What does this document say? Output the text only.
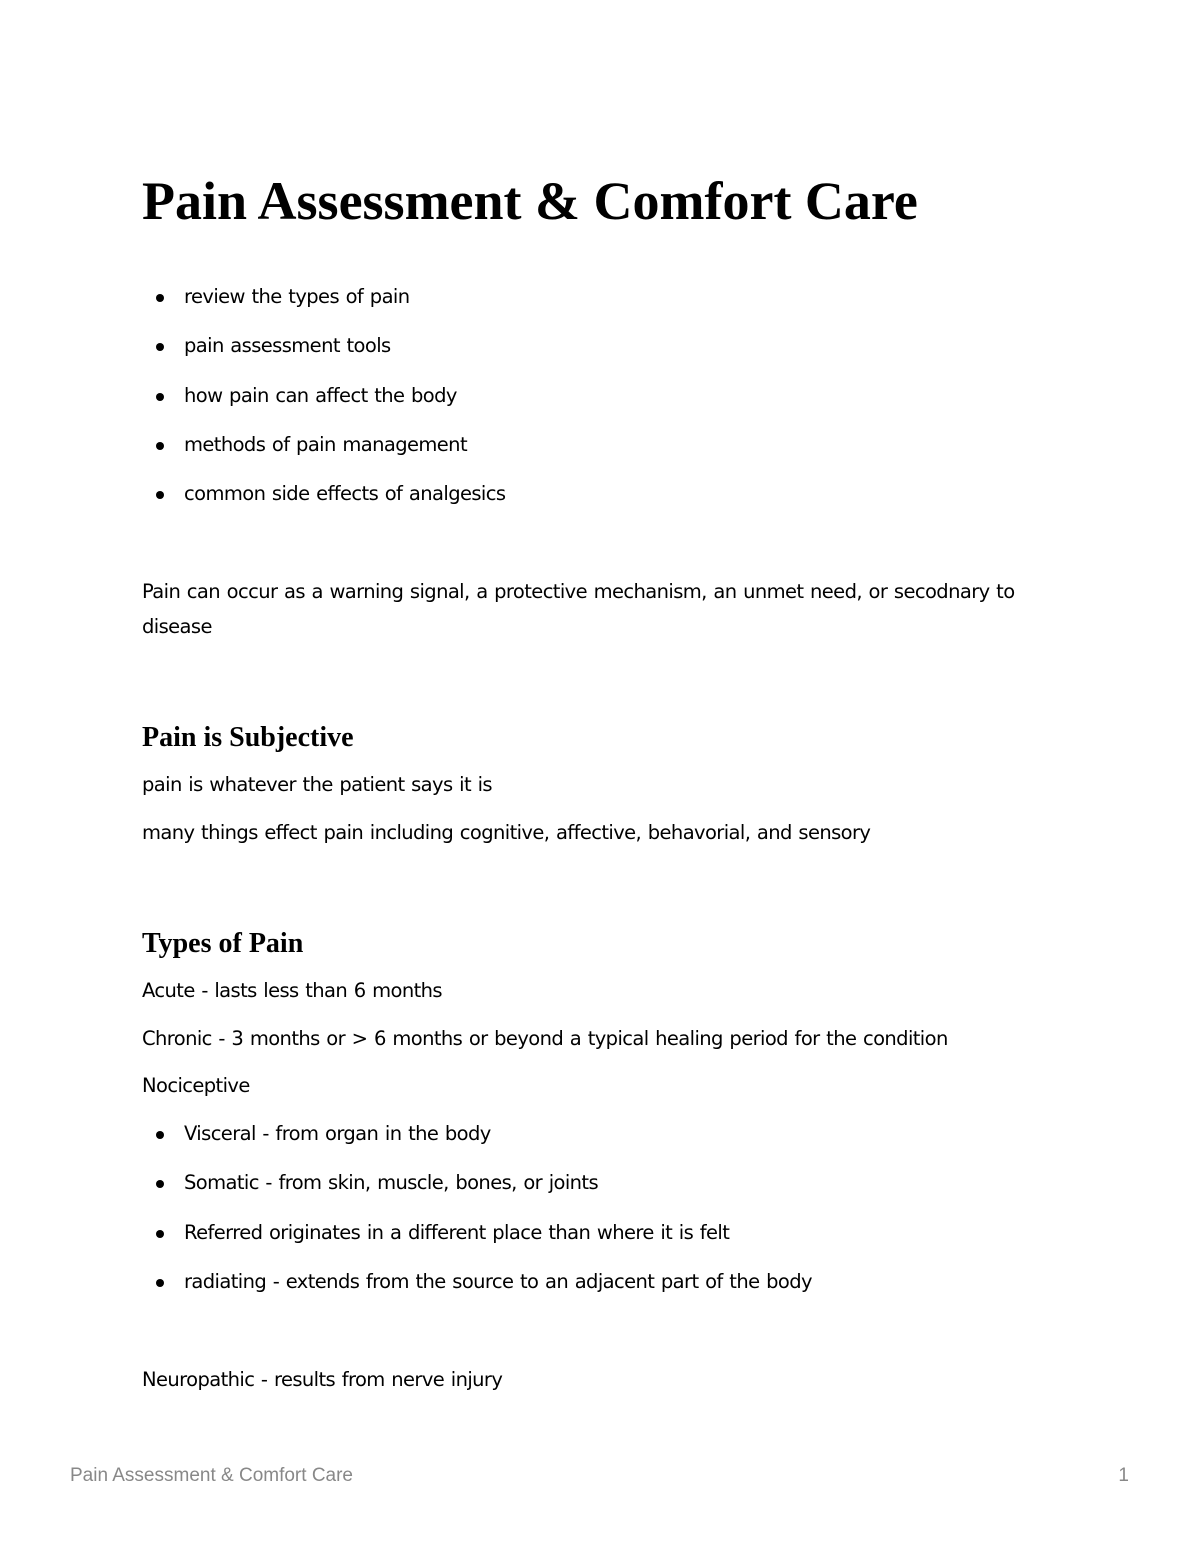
Pain Assessment & Comfort Care
review the types of pain
pain assessment tools
how pain can affect the body
methods of pain management
common side effects of analgesics

Pain can occur as a warning signal, a protective mechanism, an unmet need, or secodnary to disease

Pain is Subjective

pain is whatever the patient says it is

many things effect pain including cognitive, affective, behavorial, and sensory

Types of Pain

Acute - lasts less than 6 months

Chronic - 3 months or > 6 months or beyond a typical healing period for the condition

Nociceptive

Visceral - from organ in the body
Somatic - from skin, muscle, bones, or joints
Referred originates in a different place than where it is felt
radiating - extends from the source to an adjacent part of the body

Neuropathic - results from nerve injury

Pain Assessment & Comfort Care	1
